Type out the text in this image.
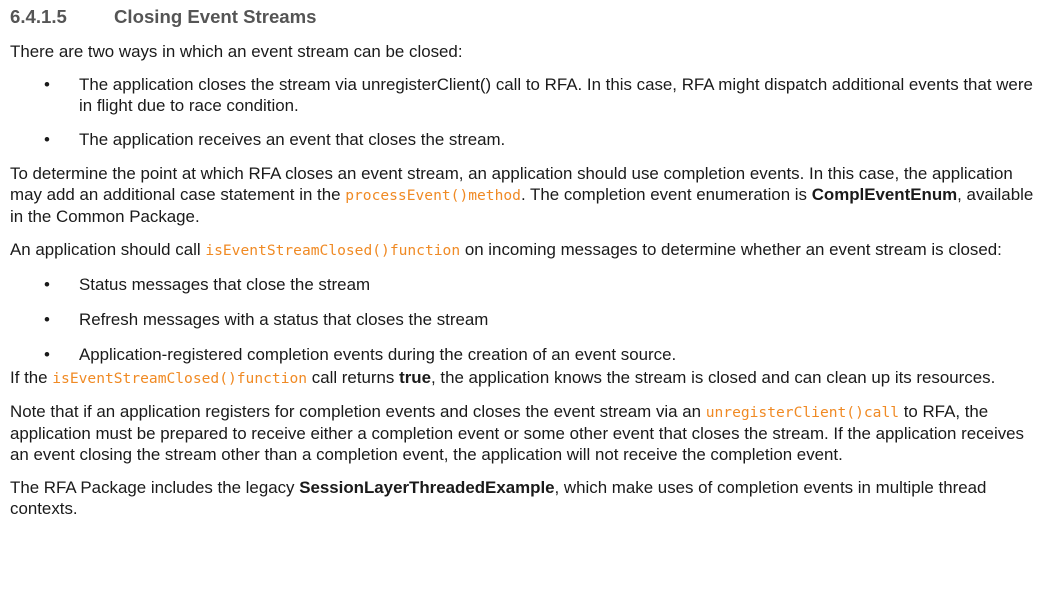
6.4.1.5	Closing Event Streams

There are two ways in which an event stream can be closed:

• The application closes the stream via unregisterClient() call to RFA. In this case, RFA might dispatch additional events that were in flight due to race condition.
• The application receives an event that closes the stream.

To determine the point at which RFA closes an event stream, an application should use completion events. In this case, the application may add an additional case statement in the processEvent()method. The completion event enumeration is ComplEventEnum, available in the Common Package.

An application should call isEventStreamClosed()function on incoming messages to determine whether an event stream is closed:

• Status messages that close the stream
• Refresh messages with a status that closes the stream
• Application-registered completion events during the creation of an event source.

If the isEventStreamClosed()function call returns true, the application knows the stream is closed and can clean up its resources.

Note that if an application registers for completion events and closes the event stream via an unregisterClient()call to RFA, the application must be prepared to receive either a completion event or some other event that closes the stream. If the application receives an event closing the stream other than a completion event, the application will not receive the completion event.

The RFA Package includes the legacy SessionLayerThreadedExample, which make uses of completion events in multiple thread contexts.
